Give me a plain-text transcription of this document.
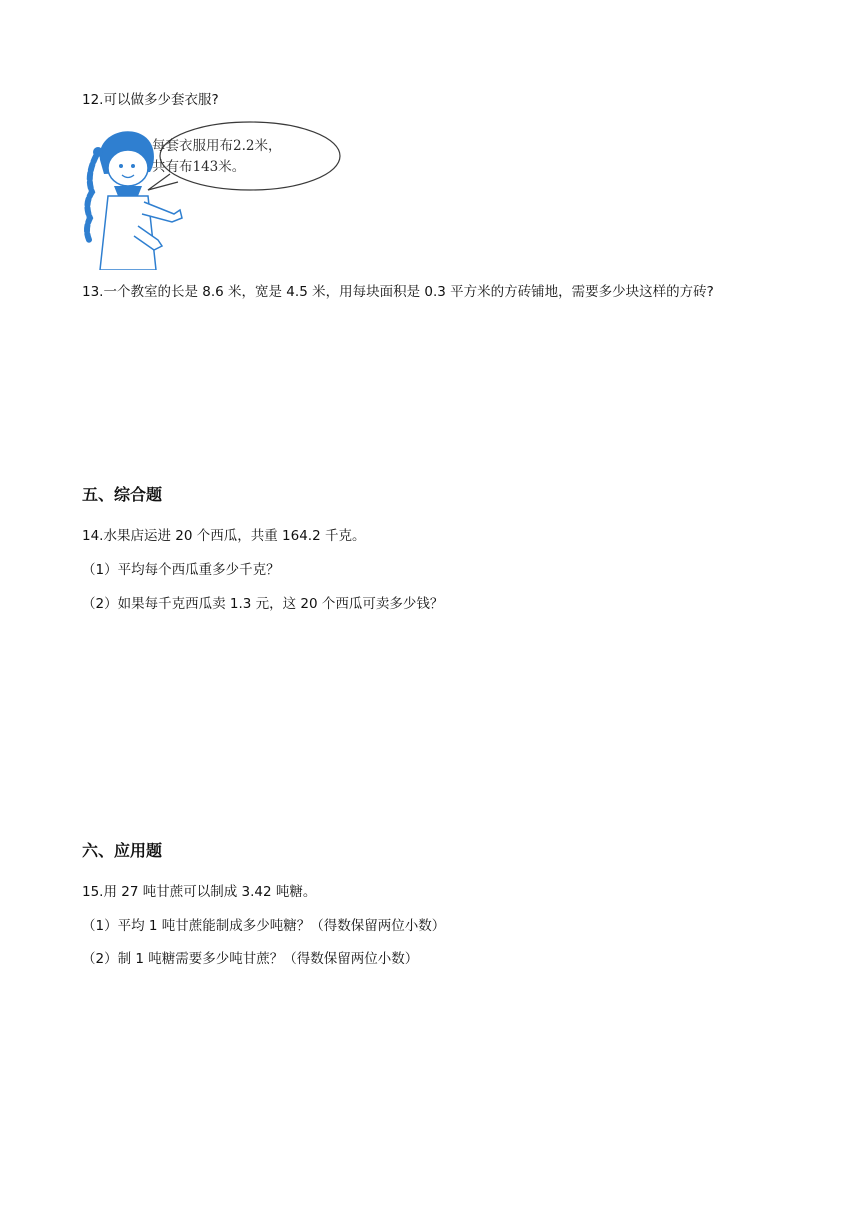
12.可以做多少套衣服?
每套衣服用布2.2米，
共有布143米。
13.一个教室的长是 8.6 米，宽是 4.5 米，用每块面积是 0.3 平方米的方砖铺地，需要多少块这样的方砖?
五、综合题
14.水果店运进 20 个西瓜，共重 164.2 千克。
（1）平均每个西瓜重多少千克？
（2）如果每千克西瓜卖 1.3 元，这 20 个西瓜可卖多少钱？
六、应用题
15.用 27 吨甘蔗可以制成 3.42 吨糖。
（1）平均 1 吨甘蔗能制成多少吨糖？（得数保留两位小数）
（2）制 1 吨糖需要多少吨甘蔗？（得数保留两位小数）
